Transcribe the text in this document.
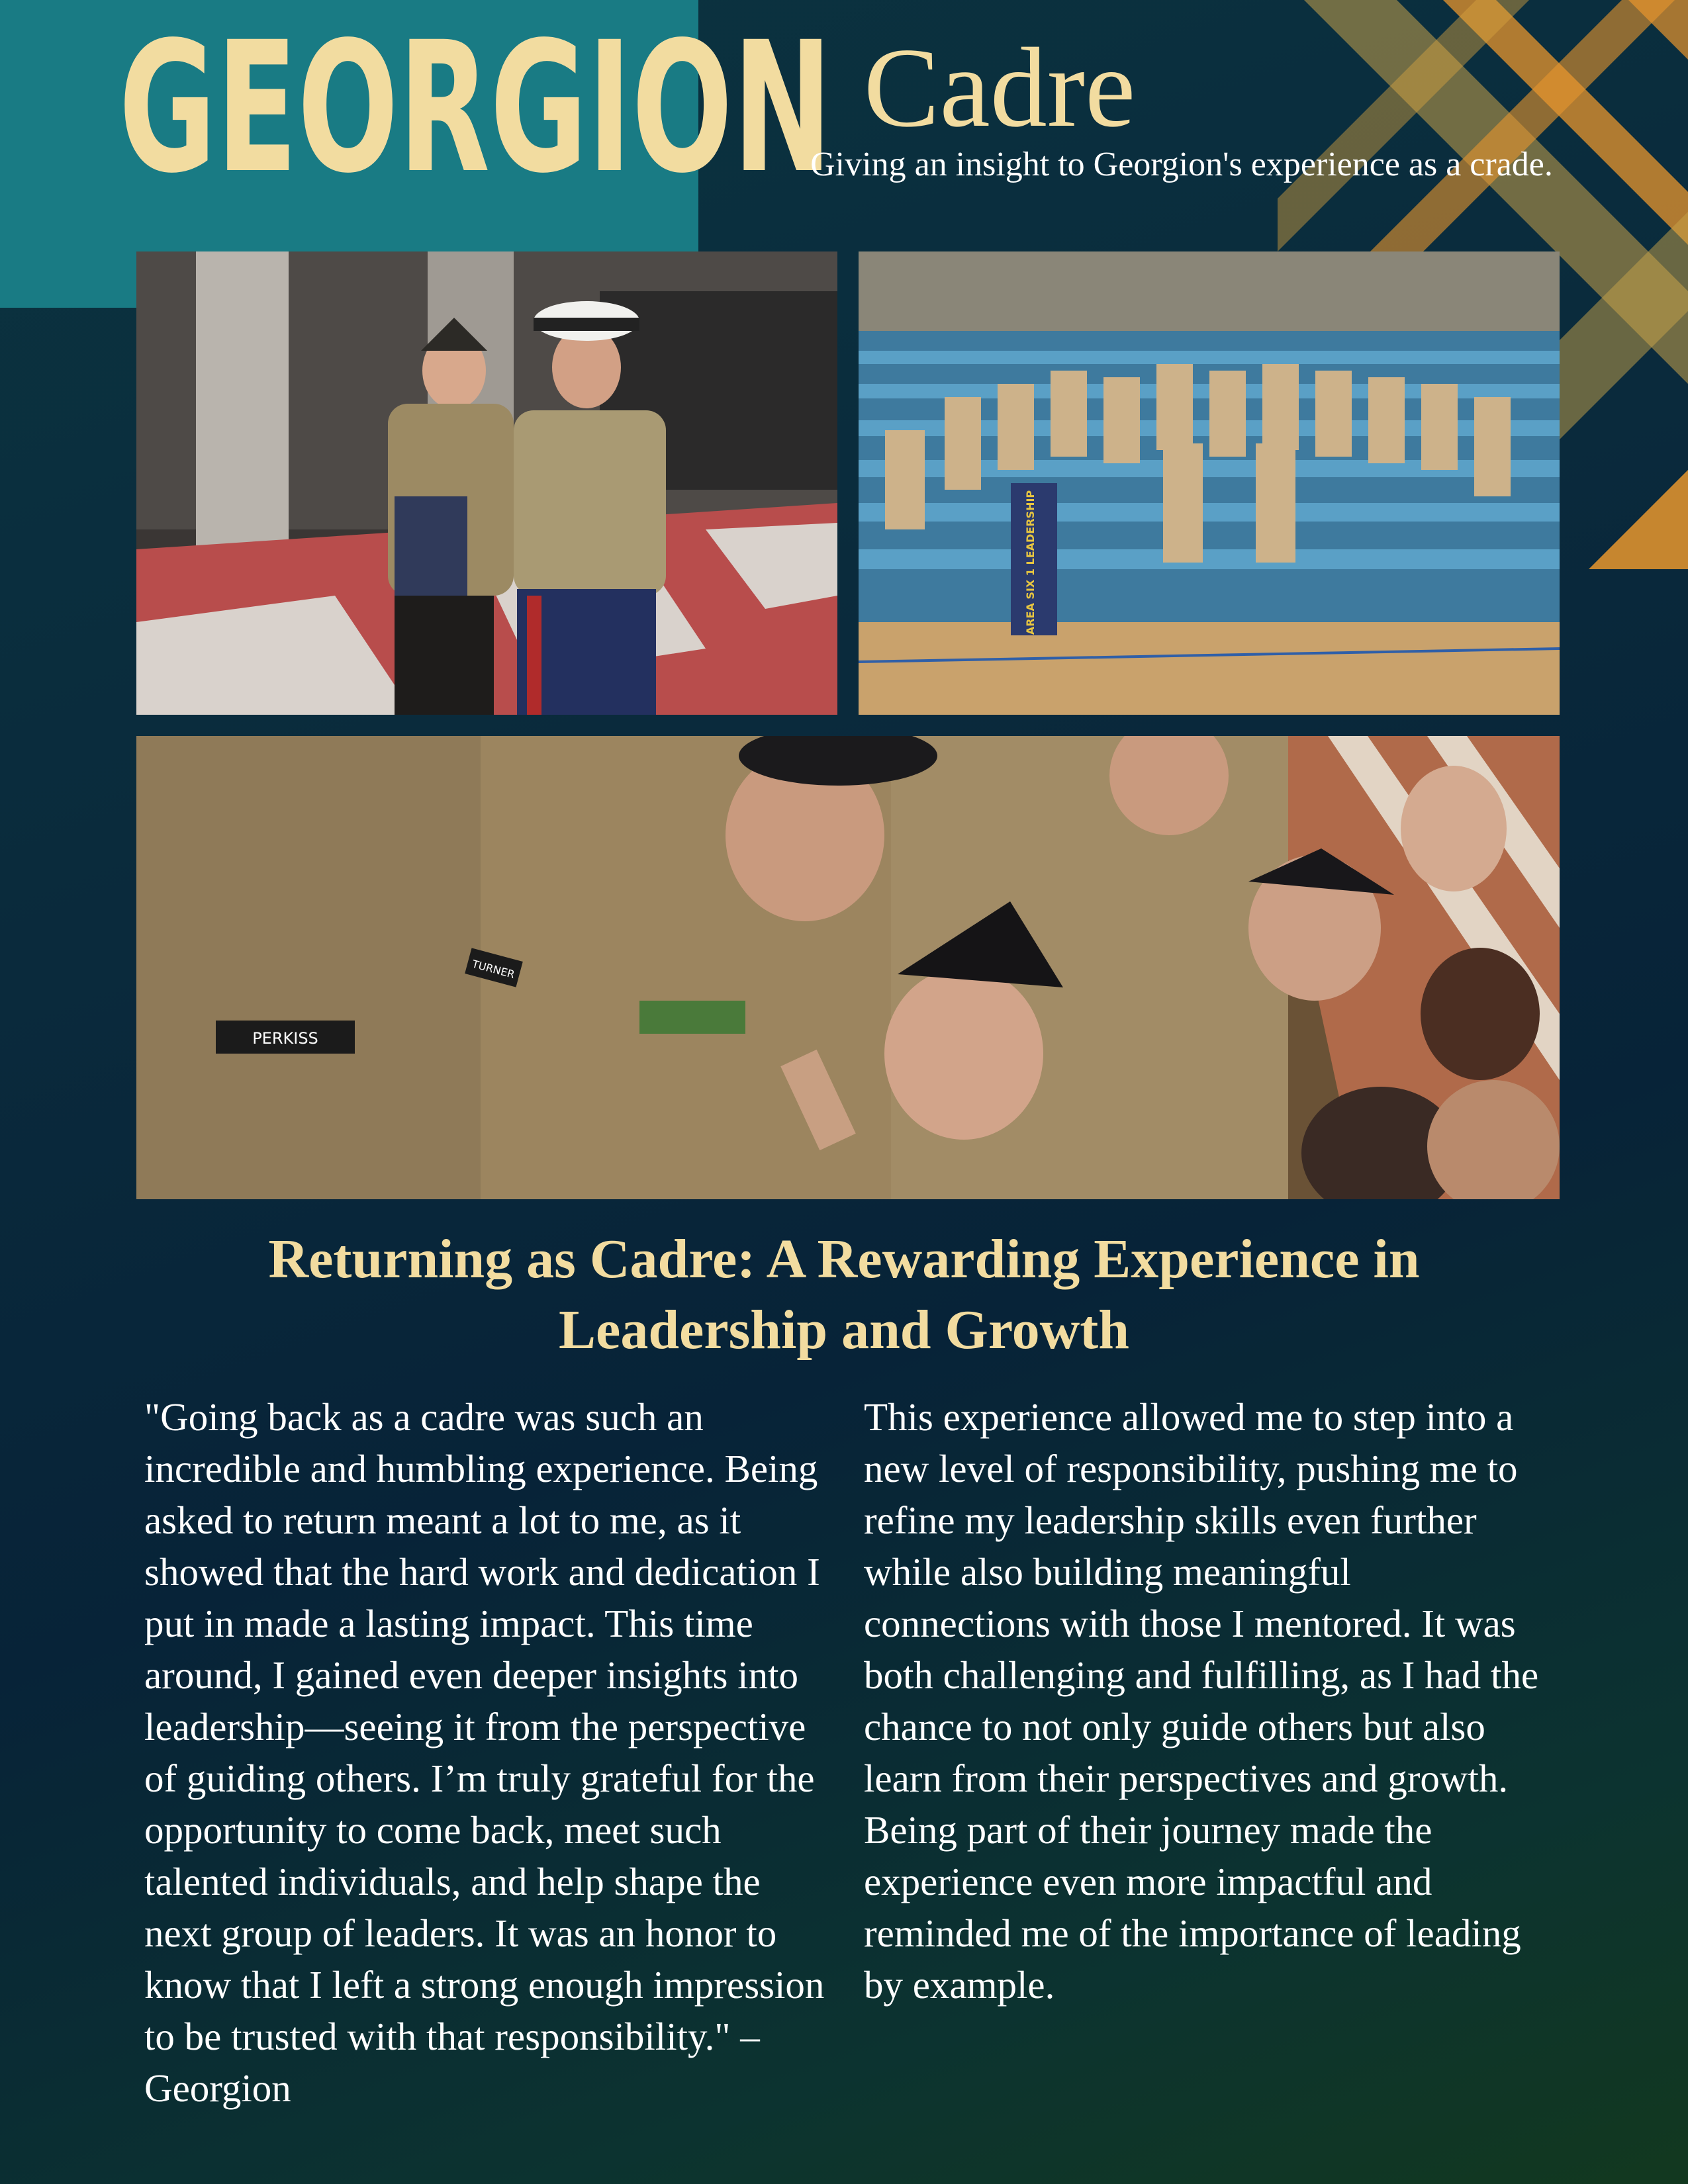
GEORGION Cadre
Giving an insight to Georgion's experience as a crade.
AREA SIX 1 LEADERSHIP
PERKISS
TURNER
Returning as Cadre: A Rewarding Experience in Leadership and Growth

"Going back as a cadre was such an incredible and humbling experience. Being asked to return meant a lot to me, as it showed that the hard work and dedication I put in made a lasting impact. This time around, I gained even deeper insights into leadership—seeing it from the perspective of guiding others. I’m truly grateful for the opportunity to come back, meet such talented individuals, and help shape the next group of leaders. It was an honor to know that I left a strong enough impression to be trusted with that responsibility." – Georgion

This experience allowed me to step into a new level of responsibility, pushing me to refine my leadership skills even further while also building meaningful connections with those I mentored. It was both challenging and fulfilling, as I had the chance to not only guide others but also learn from their perspectives and growth. Being part of their journey made the experience even more impactful and reminded me of the importance of leading by example.
